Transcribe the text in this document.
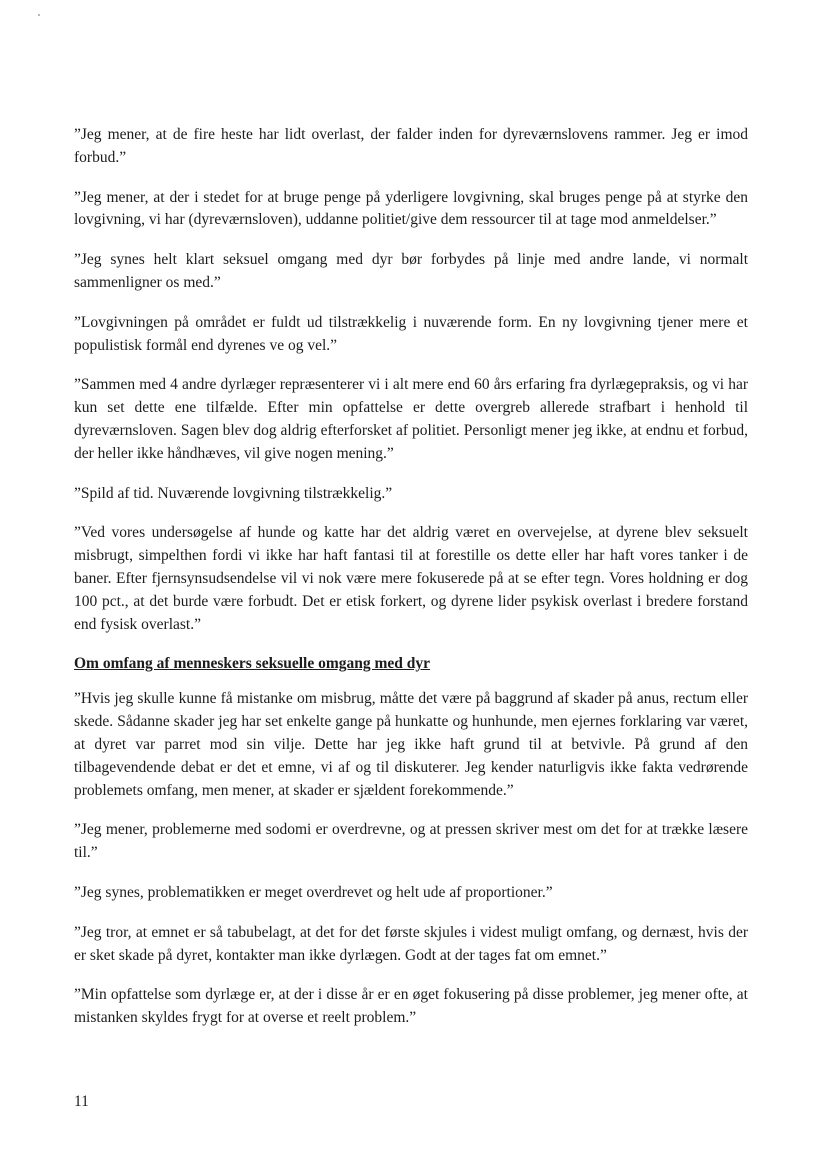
”Jeg mener, at de fire heste har lidt overlast, der falder inden for dyreværnslovens rammer. Jeg er imod forbud.”

”Jeg mener, at der i stedet for at bruge penge på yderligere lovgivning, skal bruges penge på at styrke den lovgivning, vi har (dyreværnsloven), uddanne politiet/give dem ressourcer til at tage mod anmeldelser.”

”Jeg synes helt klart seksuel omgang med dyr bør forbydes på linje med andre lande, vi normalt sammenligner os med.”

”Lovgivningen på området er fuldt ud tilstrækkelig i nuværende form. En ny lovgivning tjener mere et populistisk formål end dyrenes ve og vel.”

”Sammen med 4 andre dyrlæger repræsenterer vi i alt mere end 60 års erfaring fra dyrlægepraksis, og vi har kun set dette ene tilfælde. Efter min opfattelse er dette overgreb allerede strafbart i henhold til dyreværnsloven. Sagen blev dog aldrig efterforsket af politiet. Personligt mener jeg ikke, at endnu et forbud, der heller ikke håndhæves, vil give nogen mening.”

”Spild af tid. Nuværende lovgivning tilstrækkelig.”

”Ved vores undersøgelse af hunde og katte har det aldrig været en overvejelse, at dyrene blev seksuelt misbrugt, simpelthen fordi vi ikke har haft fantasi til at forestille os dette eller har haft vores tanker i de baner. Efter fjernsynsudsendelse vil vi nok være mere fokuserede på at se efter tegn. Vores holdning er dog 100 pct., at det burde være forbudt. Det er etisk forkert, og dyrene lider psykisk overlast i bredere forstand end fysisk overlast.”

Om omfang af menneskers seksuelle omgang med dyr

”Hvis jeg skulle kunne få mistanke om misbrug, måtte det være på baggrund af skader på anus, rectum eller skede. Sådanne skader jeg har set enkelte gange på hunkatte og hunhunde, men ejernes forklaring var været, at dyret var parret mod sin vilje. Dette har jeg ikke haft grund til at betvivle. På grund af den tilbagevendende debat er det et emne, vi af og til diskuterer. Jeg kender naturligvis ikke fakta vedrørende problemets omfang, men mener, at skader er sjældent forekommende.”

”Jeg mener, problemerne med sodomi er overdrevne, og at pressen skriver mest om det for at trække læsere til.”

”Jeg synes, problematikken er meget overdrevet og helt ude af proportioner.”

”Jeg tror, at emnet er så tabubelagt, at det for det første skjules i videst muligt omfang, og dernæst, hvis der er sket skade på dyret, kontakter man ikke dyrlægen. Godt at der tages fat om emnet.”

”Min opfattelse som dyrlæge er, at der i disse år er en øget fokusering på disse problemer, jeg mener ofte, at mistanken skyldes frygt for at overse et reelt problem.”

11
